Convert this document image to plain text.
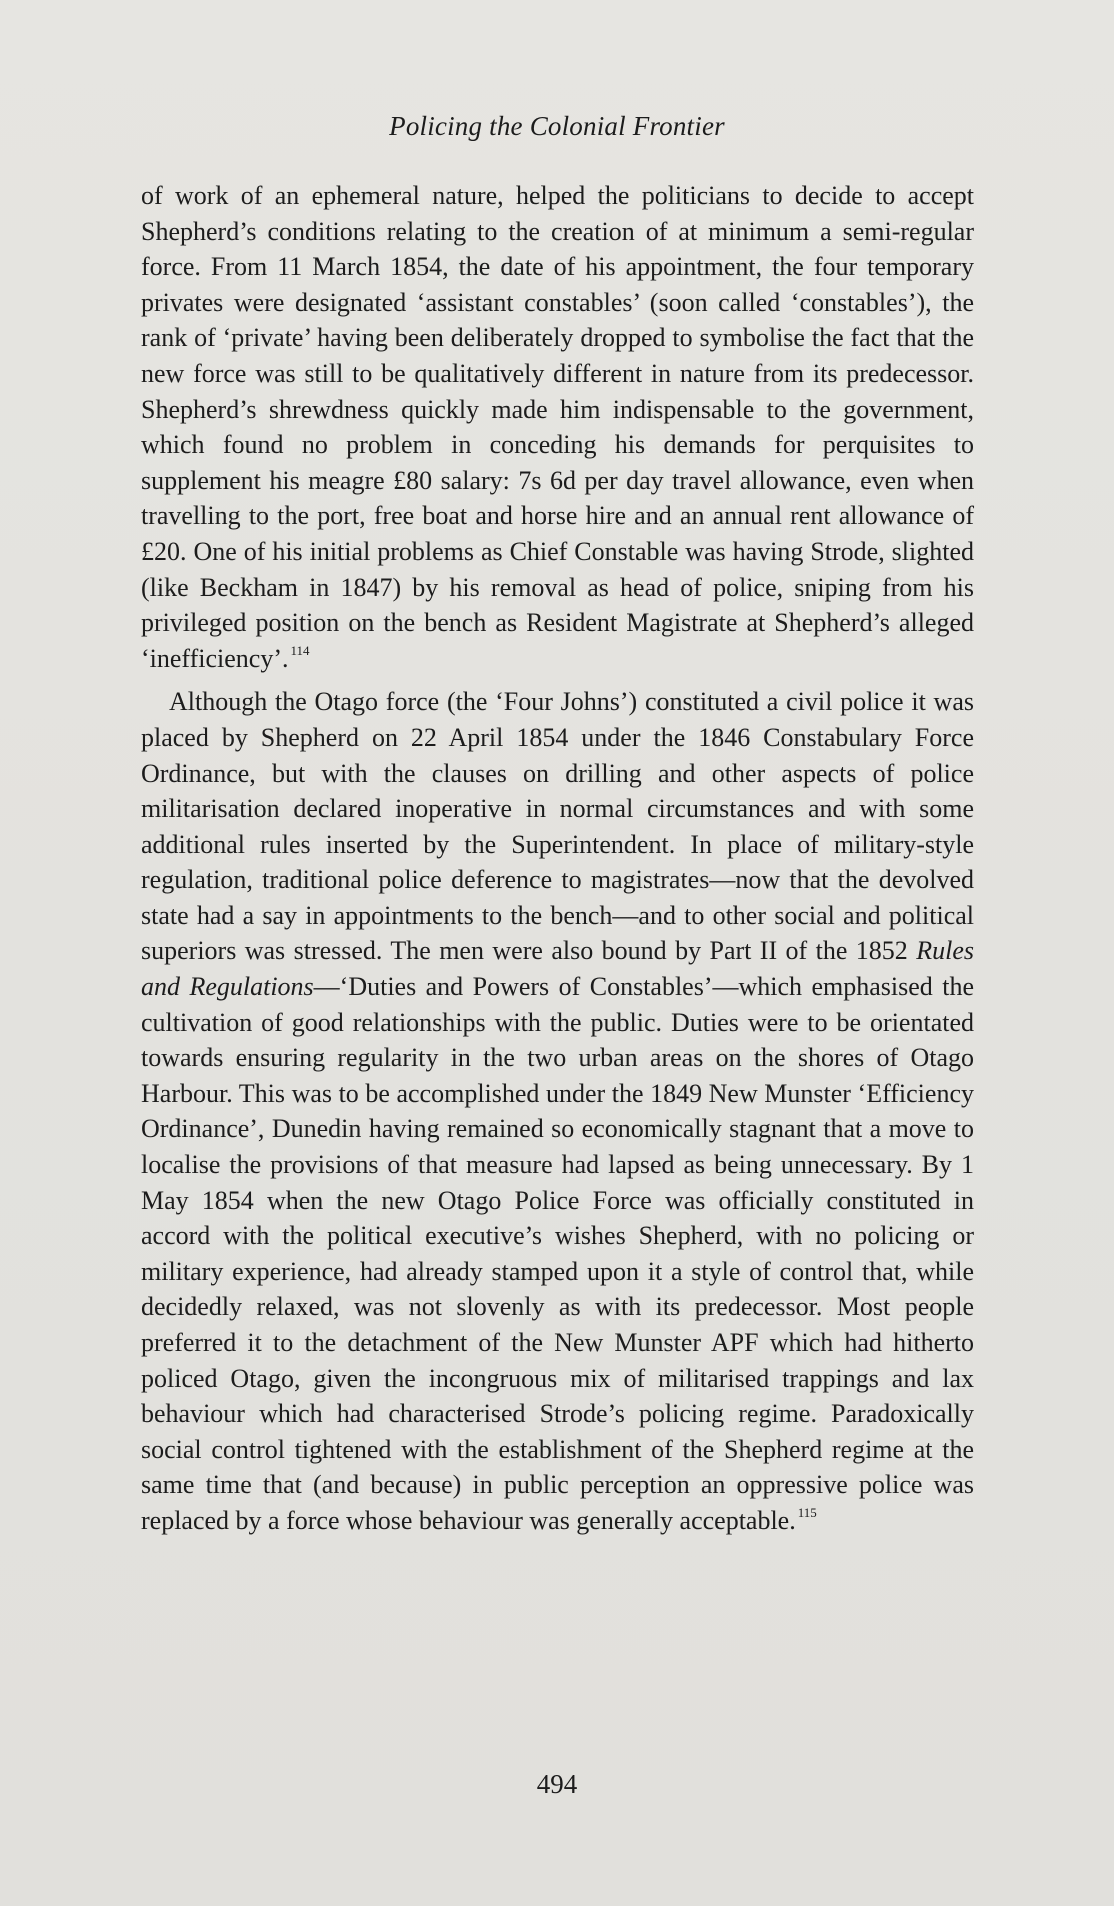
Policing the Colonial Frontier

of work of an ephemeral nature, helped the politicians to decide to accept Shepherd’s conditions relating to the creation of at minimum a semi-regular force. From 11 March 1854, the date of his appointment, the four temporary privates were designated ‘assistant constables’ (soon called ‘constables’), the rank of ‘private’ having been deliberately dropped to symbolise the fact that the new force was still to be qualitatively different in nature from its predecessor. Shepherd’s shrewdness quickly made him indispensable to the government, which found no problem in conceding his demands for perquisites to supplement his meagre £80 salary: 7s 6d per day travel allowance, even when travelling to the port, free boat and horse hire and an annual rent allowance of £20. One of his initial problems as Chief Constable was having Strode, slighted (like Beckham in 1847) by his removal as head of police, sniping from his privileged position on the bench as Resident Magistrate at Shepherd’s alleged ‘inefficiency’. $^{114}$

Although the Otago force (the ‘Four Johns’) constituted a civil police it was placed by Shepherd on 22 April 1854 under the 1846 Constabulary Force Ordinance, but with the clauses on drilling and other aspects of police militarisation declared inoperative in normal circumstances and with some additional rules inserted by the Superintendent. In place of military-style regulation, traditional police deference to magistrates—now that the devolved state had a say in appointments to the bench—and to other social and political superiors was stressed. The men were also bound by Part II of the 1852 Rules and Regulations—‘Duties and Powers of Constables’—which emphasised the cultivation of good relationships with the public. Duties were to be orientated towards ensuring regularity in the two urban areas on the shores of Otago Harbour. This was to be accomplished under the 1849 New Munster ‘Efficiency Ordinance’, Dunedin having remained so economically stagnant that a move to localise the provisions of that measure had lapsed as being unnecessary. By 1 May 1854 when the new Otago Police Force was officially constituted in accord with the political executive’s wishes Shepherd, with no policing or military experience, had already stamped upon it a style of control that, while decidedly relaxed, was not slovenly as with its predecessor. Most people preferred it to the detachment of the New Munster APF which had hitherto policed Otago, given the incongruous mix of militarised trappings and lax behaviour which had characterised Strode’s policing regime. Paradoxically social control tightened with the establishment of the Shepherd regime at the same time that (and because) in public perception an oppressive police was replaced by a force whose behaviour was generally acceptable. $^{115}$

494
